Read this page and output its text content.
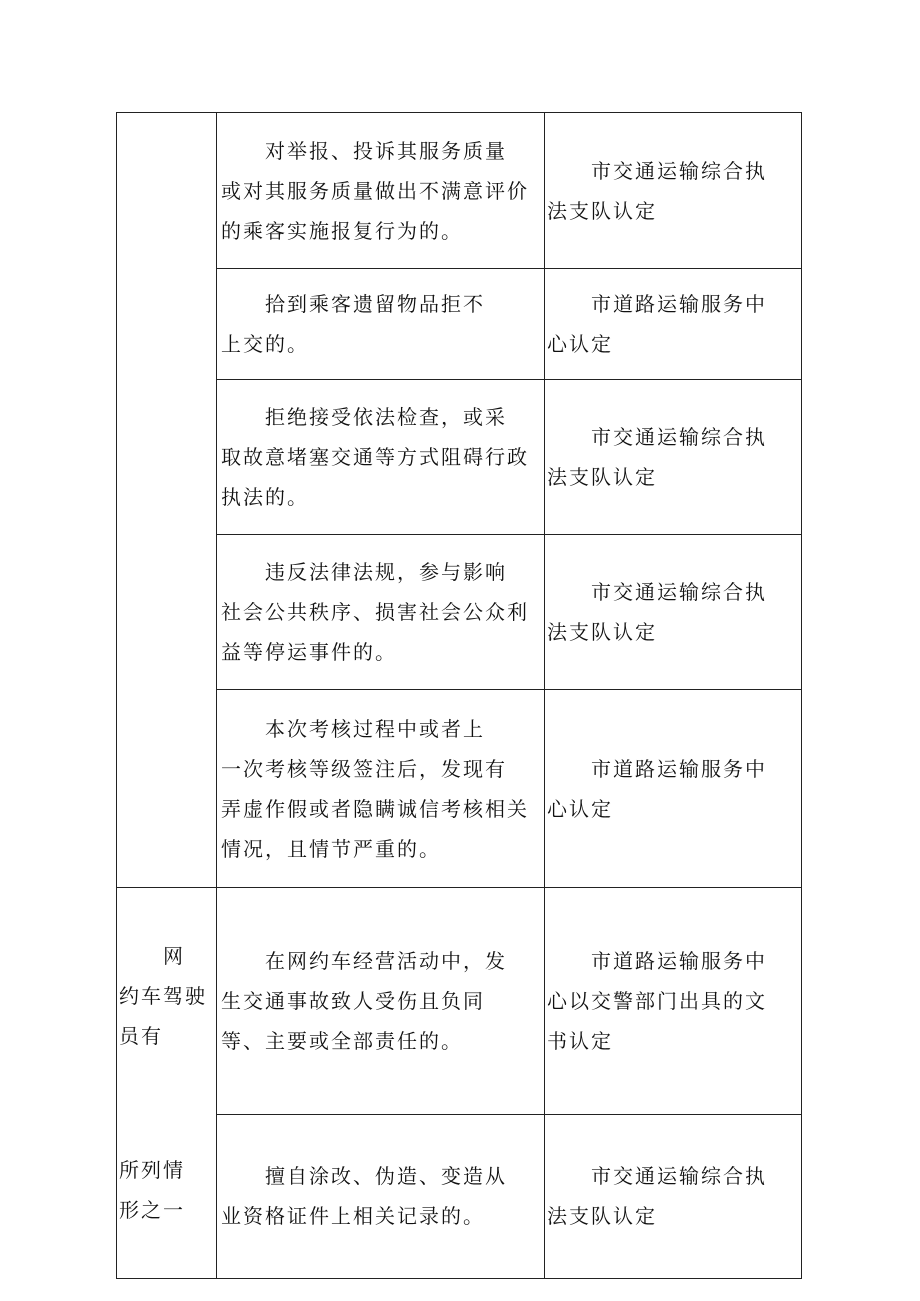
	　　对举报、投诉其服务质量
或对其服务质量做出不满意评价
的乘客实施报复行为的。	　　市交通运输综合执
法支队认定

	　　拾到乘客遗留物品拒不
上交的。	　　市道路运输服务中
心认定

	　　拒绝接受依法检查，或采
取故意堵塞交通等方式阻碍行政
执法的。	　　市交通运输综合执
法支队认定

	　　违反法律法规，参与影响
社会公共秩序、损害社会公众利
益等停运事件的。	　　市交通运输综合执
法支队认定

	　　本次考核过程中或者上
一次考核等级签注后，发现有
弄虚作假或者隐瞒诚信考核相关
情况，且情节严重的。	　　市道路运输服务中
心认定

　　网
约车驾驶
员有

所列情
形之一	　　在网约车经营活动中，发
生交通事故致人受伤且负同
等、主要或全部责任的。	　　市道路运输服务中
心以交警部门出具的文
书认定

	　　擅自涂改、伪造、变造从
业资格证件上相关记录的。	　　市交通运输综合执
法支队认定
